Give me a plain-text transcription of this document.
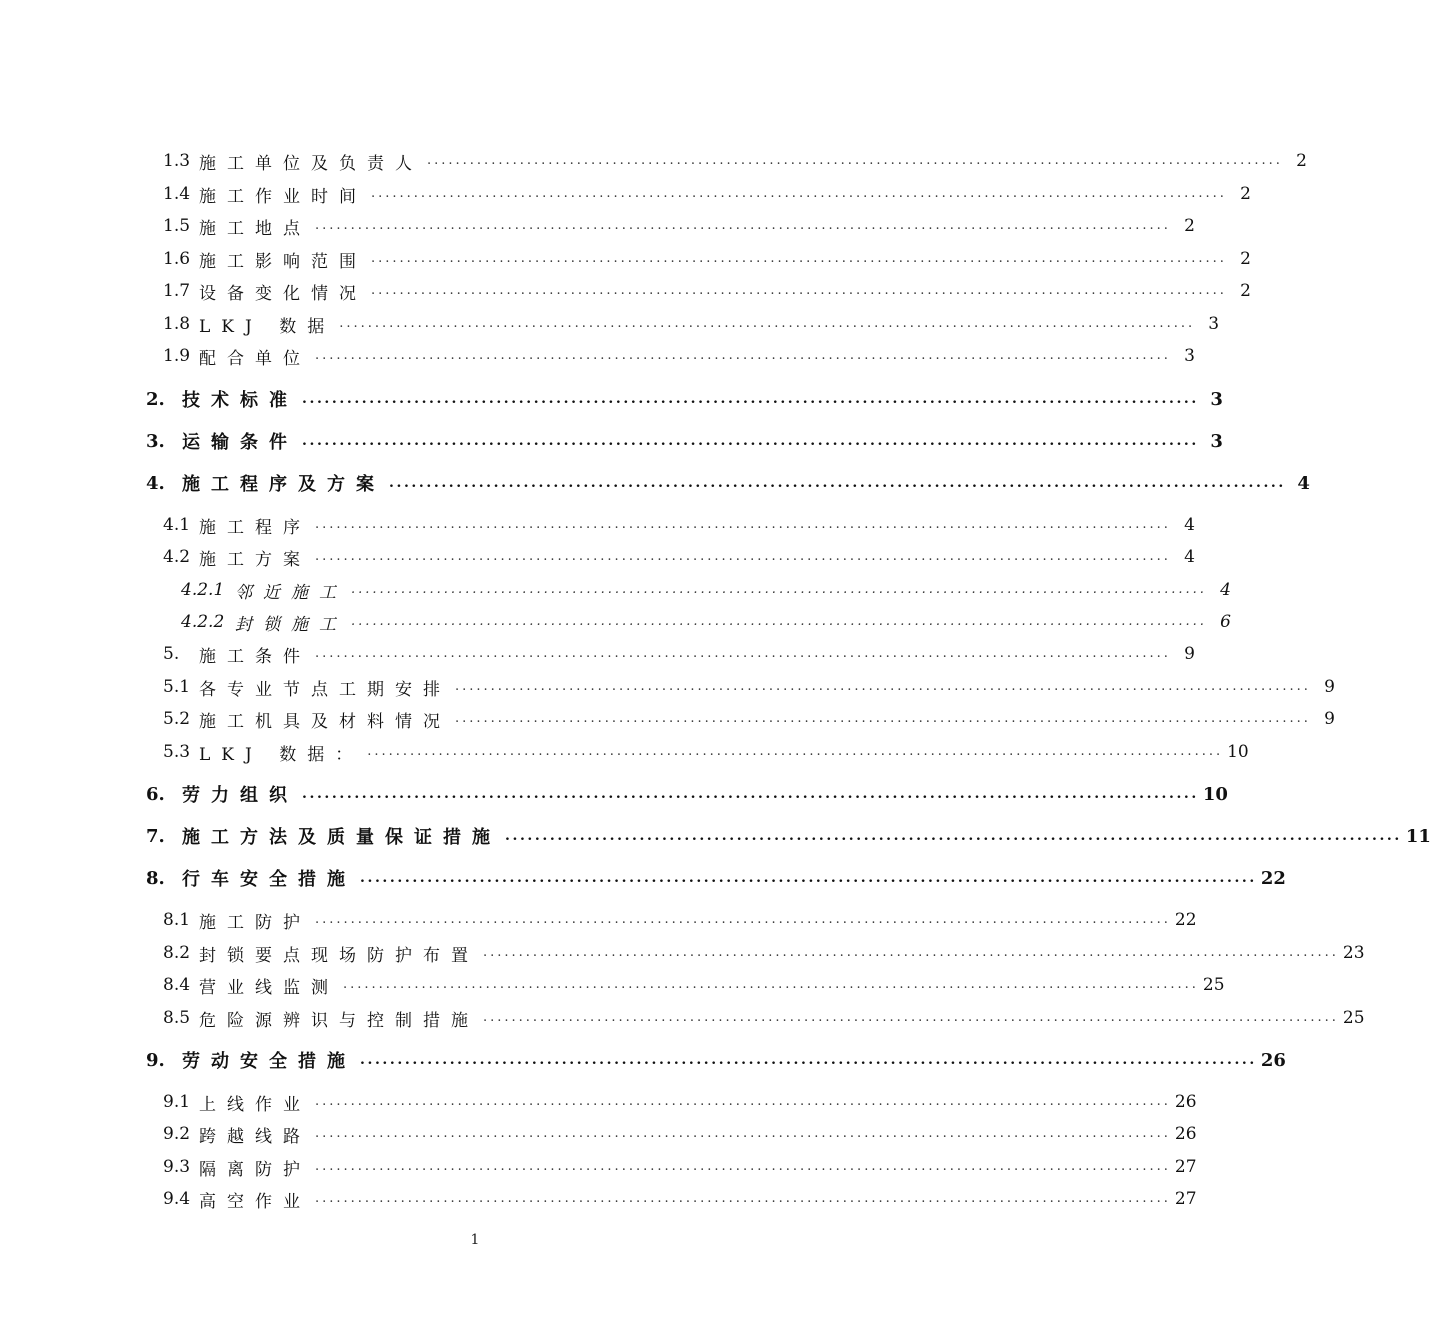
1.3 施工单位及负责人 ........................................................................................................................ 2
1.4 施工作业时间 ........................................................................................................................ 2
1.5 施工地点 ........................................................................................................................ 2
1.6 施工影响范围 ........................................................................................................................ 2
1.7 设备变化情况 ........................................................................................................................ 2
1.8 LKJ 数据 ........................................................................................................................ 3
1.9 配合单位 ........................................................................................................................ 3
2. 技术标准 ........................................................................................................................ 3
3. 运输条件 ........................................................................................................................ 3
4. 施工程序及方案 ........................................................................................................................ 4
4.1 施工程序 ........................................................................................................................ 4
4.2 施工方案 ........................................................................................................................ 4
4.2.1 邻近施工 ........................................................................................................................ 4
4.2.2 封锁施工 ........................................................................................................................ 6
5. 施工条件 ........................................................................................................................ 9
5.1 各专业节点工期安排 ........................................................................................................................ 9
5.2 施工机具及材料情况 ........................................................................................................................ 9
5.3 LKJ 数据： ........................................................................................................................ 10
6. 劳力组织 ........................................................................................................................ 10
7. 施工方法及质量保证措施 ........................................................................................................................ 11
8. 行车安全措施 ........................................................................................................................ 22
8.1 施工防护 ........................................................................................................................ 22
8.2 封锁要点现场防护布置 ........................................................................................................................ 23
8.4 营业线监测 ........................................................................................................................ 25
8.5 危险源辨识与控制措施 ........................................................................................................................ 25
9. 劳动安全措施 ........................................................................................................................ 26
9.1 上线作业 ........................................................................................................................ 26
9.2 跨越线路 ........................................................................................................................ 26
9.3 隔离防护 ........................................................................................................................ 27
9.4 高空作业 ........................................................................................................................ 27
1
